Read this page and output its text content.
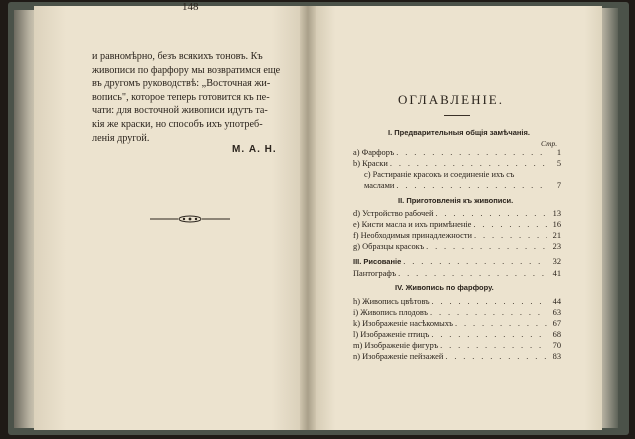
148
и равномѣрно, безъ всякихъ тоновъ. Къ
живописи по фарфору мы возвратимся еще
въ другомъ руководствѣ: „Восточная жи-
вопись", которое теперь готовится къ пе-
чати: для восточной живописи идутъ та-
кія же краски, но способъ ихъ употреб-
ленія другой.
М. А. Н.
ОГЛАВЛЕНІЕ.
I. Предварительныя общія замѣчанія.
Стр.
a) Фарфоръ . . .	1
b) Краски . . .	5
c) Растираніе красокъ и соединеніе ихъ съ
маслами . . .	7
II. Приготовленія къ живописи.
d) Устройство рабочей . . .	13
e) Кисти масла и ихъ примѣненіе . . .	16
f) Необходимыя принадлежности . . .	21
g) Образцы красокъ . . .	23
III. Рисованіе . . .	32
Пантографъ . . .	41
IV. Живопись по фарфору.
h) Живопись цвѣтовъ . . .	44
i) Живопись плодовъ . . .	63
k) Изображеніе насѣкомыхъ . . .	67
l) Изображеніе птицъ . . .	68
m) Изображеніе фигуръ . . .	70
n) Изображеніе пейзажей . . .	83
